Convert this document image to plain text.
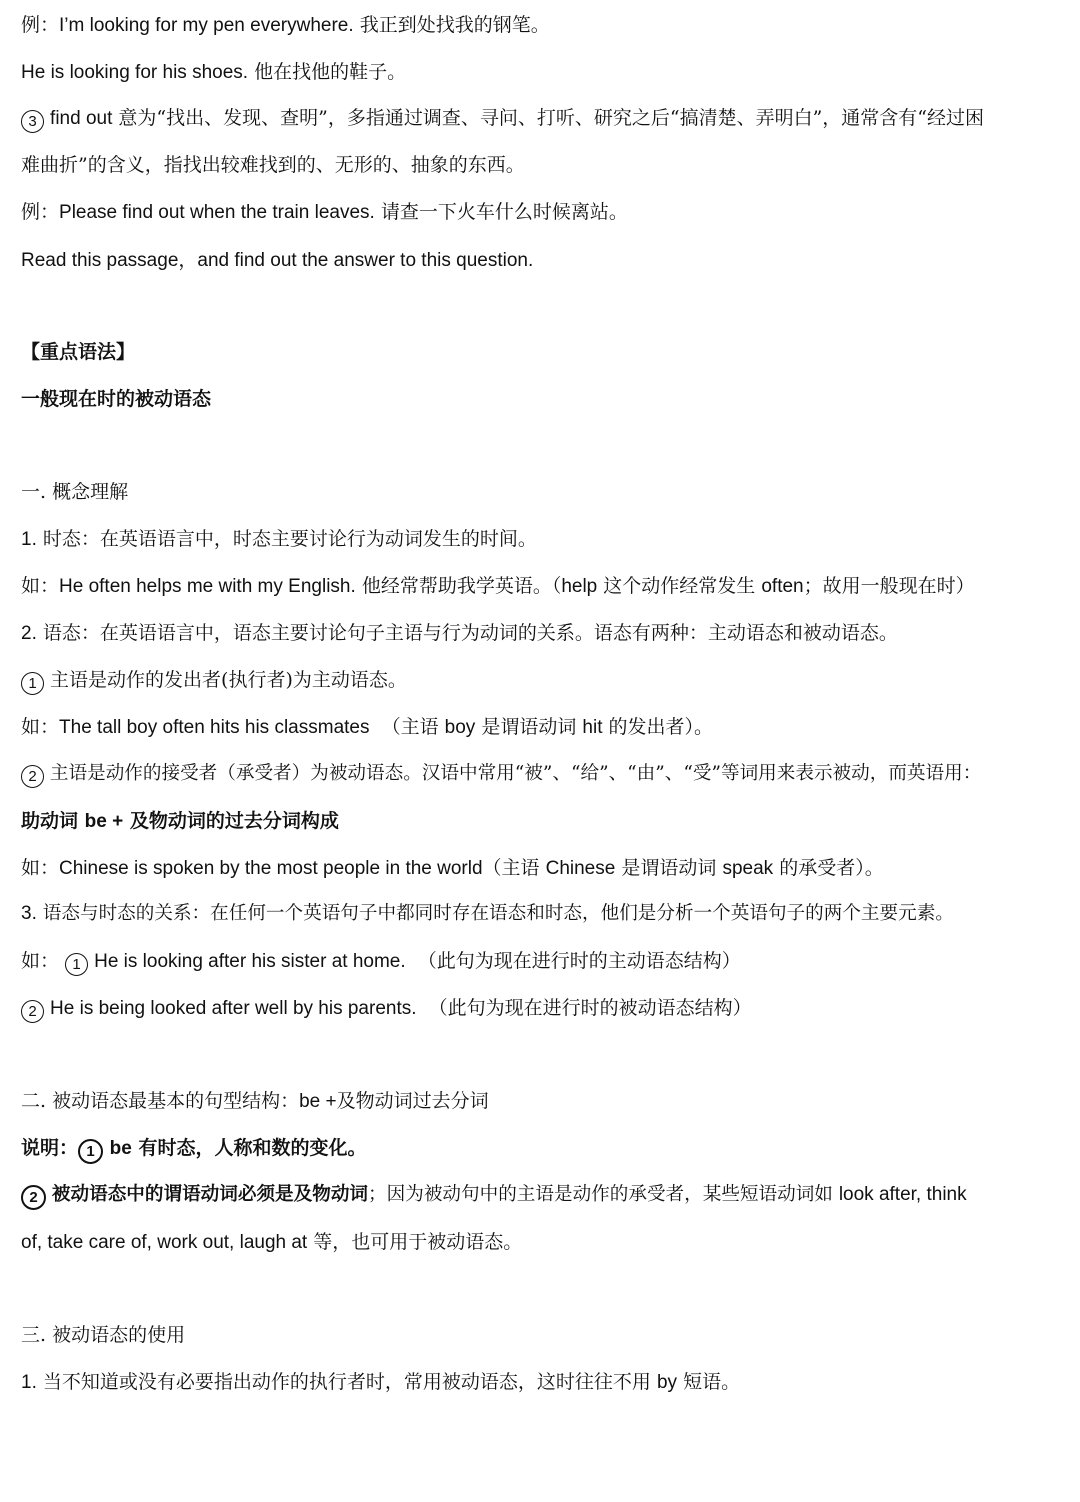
例：I’m looking for my pen everywhere. 我正到处找我的钢笔。
He is looking for his shoes. 他在找他的鞋子。
3 find out 意为“找出、发现、查明”，多指通过调查、寻问、打听、研究之后“搞清楚、弄明白”，通常含有“经过困
难曲折”的含义，指找出较难找到的、无形的、抽象的东西。
例：Please find out when the train leaves. 请查一下火车什么时候离站。
Read this passage，and find out the answer to this question.
【重点语法】
一般现在时的被动语态
一. 概念理解
1. 时态：在英语语言中，时态主要讨论行为动词发生的时间。
如：He often helps me with my English. 他经常帮助我学英语。（help 这个动作经常发生 often；故用一般现在时）
2. 语态：在英语语言中，语态主要讨论句子主语与行为动词的关系。语态有两种：主动语态和被动语态。
1 主语是动作的发出者(执行者)为主动语态。
如：The tall boy often hits his classmates （主语 boy 是谓语动词 hit 的发出者）。
2 主语是动作的接受者（承受者）为被动语态。汉语中常用“被”、“给”、“由”、“受”等词用来表示被动，而英语用：
助动词 be + 及物动词的过去分词构成
如：Chinese is spoken by the most people in the world（主语 Chinese 是谓语动词 speak 的承受者）。
3. 语态与时态的关系：在任何一个英语句子中都同时存在语态和时态，他们是分析一个英语句子的两个主要元素。
如： 1 He is looking after his sister at home. （此句为现在进行时的主动语态结构）
2 He is being looked after well by his parents. （此句为现在进行时的被动语态结构）
二. 被动语态最基本的句型结构：be +及物动词过去分词
说明： 1 be 有时态，人称和数的变化。
2 被动语态中的谓语动词必须是及物动词；因为被动句中的主语是动作的承受者，某些短语动词如 look after, think
of, take care of, work out, laugh at 等，也可用于被动语态。
三. 被动语态的使用
1. 当不知道或没有必要指出动作的执行者时，常用被动语态，这时往往不用 by 短语。
